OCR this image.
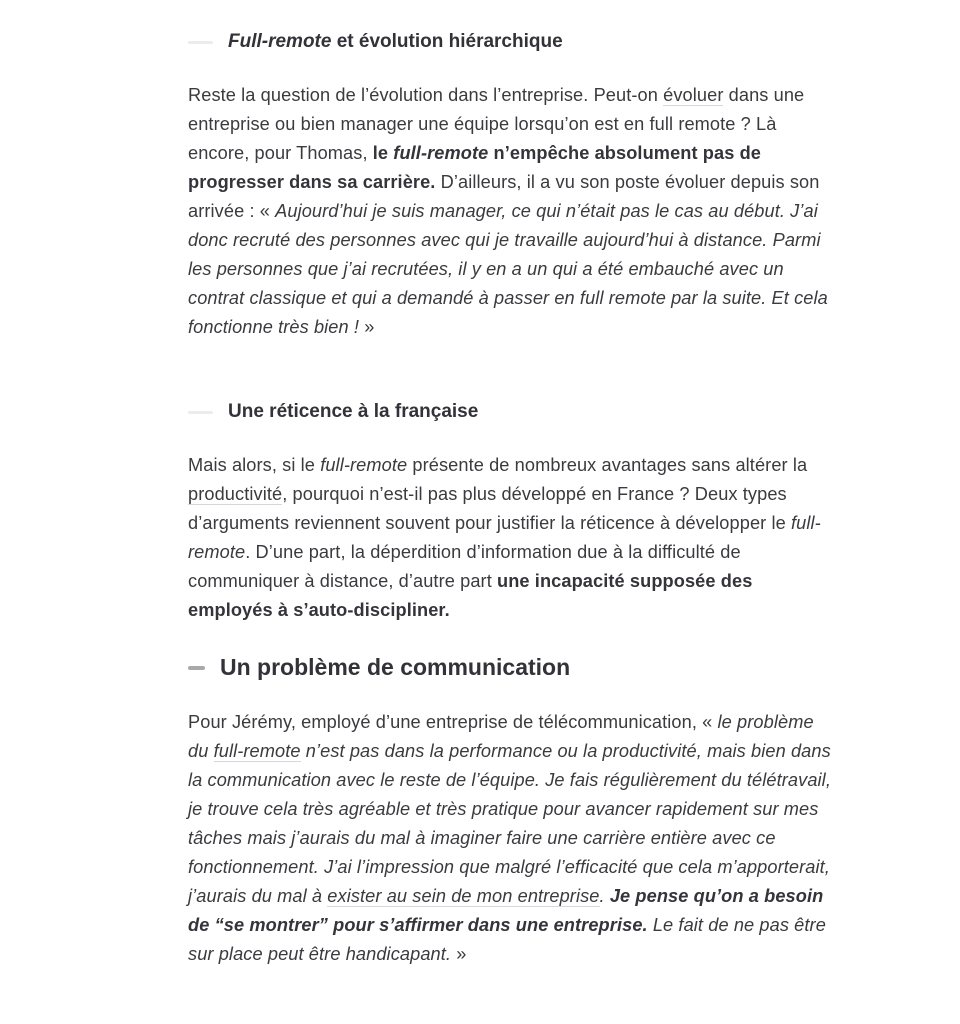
Full-remote et évolution hiérarchique

Reste la question de l’évolution dans l’entreprise. Peut-on évoluer dans une entreprise ou bien manager une équipe lorsqu’on est en full remote ? Là encore, pour Thomas, le full-remote n’empêche absolument pas de progresser dans sa carrière. D’ailleurs, il a vu son poste évoluer depuis son arrivée : « Aujourd’hui je suis manager, ce qui n’était pas le cas au début. J’ai donc recruté des personnes avec qui je travaille aujourd’hui à distance. Parmi les personnes que j’ai recrutées, il y en a un qui a été embauché avec un contrat classique et qui a demandé à passer en full remote par la suite. Et cela fonctionne très bien ! »

Une réticence à la française

Mais alors, si le full-remote présente de nombreux avantages sans altérer la productivité, pourquoi n’est-il pas plus développé en France ? Deux types d’arguments reviennent souvent pour justifier la réticence à développer le full-remote. D’une part, la déperdition d’information due à la difficulté de communiquer à distance, d’autre part une incapacité supposée des employés à s’auto-discipliner.

Un problème de communication

Pour Jérémy, employé d’une entreprise de télécommunication, « le problème du full-remote n’est pas dans la performance ou la productivité, mais bien dans la communication avec le reste de l’équipe. Je fais régulièrement du télétravail, je trouve cela très agréable et très pratique pour avancer rapidement sur mes tâches mais j’aurais du mal à imaginer faire une carrière entière avec ce fonctionnement. J’ai l’impression que malgré l’efficacité que cela m’apporterait, j’aurais du mal à exister au sein de mon entreprise. Je pense qu’on a besoin de “se montrer” pour s’affirmer dans une entreprise. Le fait de ne pas être sur place peut être handicapant. »
